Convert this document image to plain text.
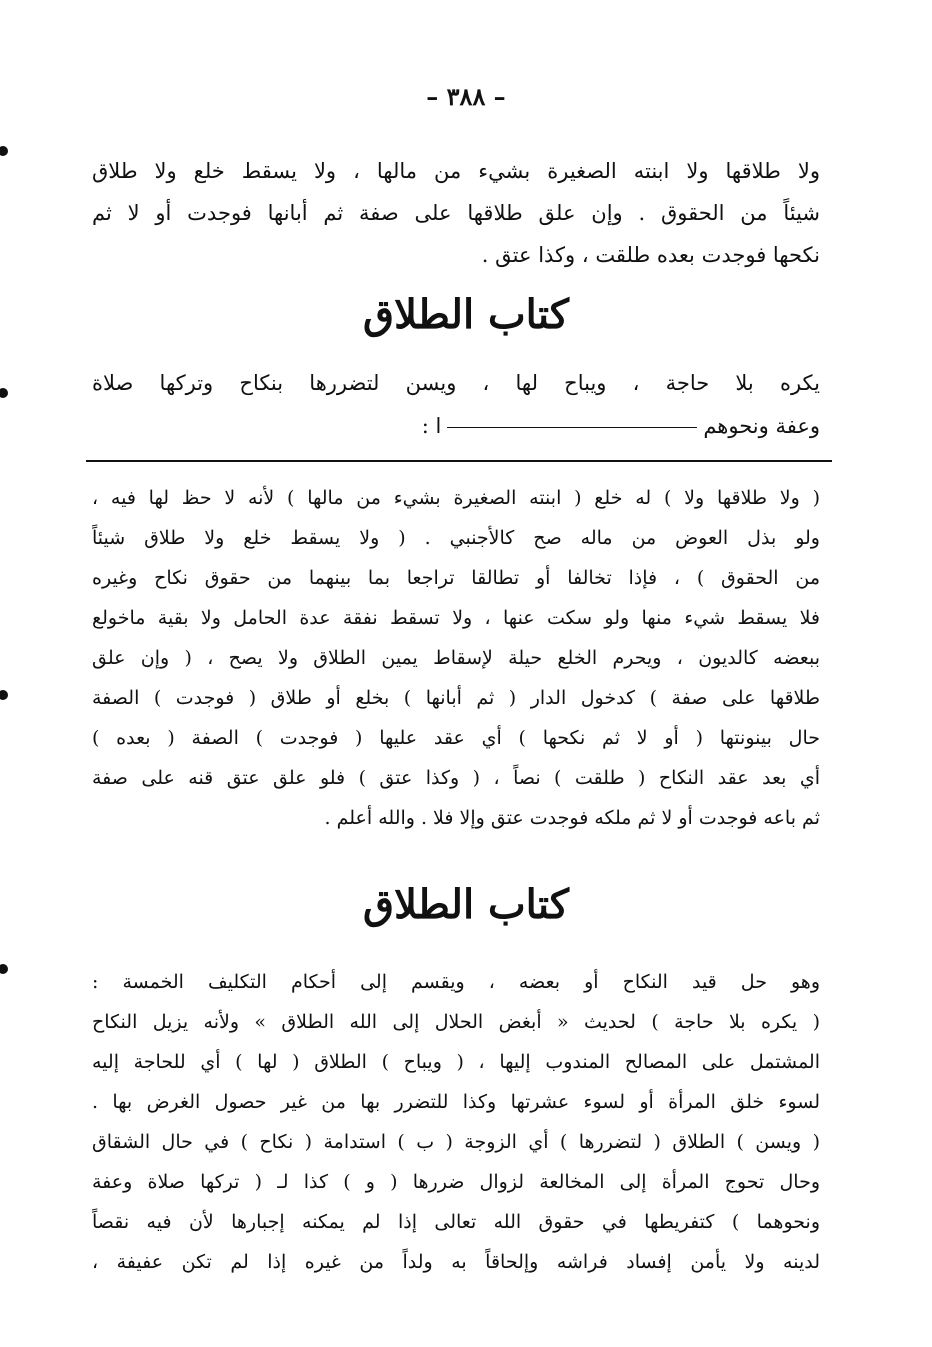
– ٣٨٨ –
ولا طلاقها ولا ابنته الصغيرة بشيء من مالها ، ولا يسقط خلع ولا طلاق
شيئاً من الحقوق . وإن علق طلاقها على صفة ثم أبانها فوجدت أو لا ثم
نكحها فوجدت بعده طلقت ، وكذا عتق .
كتاب الطلاق
يكره بلا حاجة ، ويباح لها ، ويسن لتضررها بنكاح وتركها صلاة
وعفة ونحوهما :
( ولا طلاقها ولا ) له خلع ( ابنته الصغيرة بشيء من مالها ) لأنه لا حظ لها فيه ،
ولو بذل العوض من ماله صح كالأجنبي . ( ولا يسقط خلع ولا طلاق شيئاً
من الحقوق ) ، فإذا تخالفا أو تطالقا تراجعا بما بينهما من حقوق نكاح وغيره
فلا يسقط شيء منها ولو سكت عنها ، ولا تسقط نفقة عدة الحامل ولا بقية ماخولع
ببعضه كالديون ، ويحرم الخلع حيلة لإسقاط يمين الطلاق ولا يصح ، ( وإن علق
طلاقها على صفة ) كدخول الدار ( ثم أبانها ) بخلع أو طلاق ( فوجدت ) الصفة
حال بينونتها ( أو لا ثم نكحها ) أي عقد عليها ( فوجدت ) الصفة ( بعده )
أي بعد عقد النكاح ( طلقت ) نصاً ، ( وكذا عتق ) فلو علق عتق قنه على صفة
ثم باعه فوجدت أو لا ثم ملكه فوجدت عتق وإلا فلا . والله أعلم .
كتاب الطلاق
وهو حل قيد النكاح أو بعضه ، ويقسم إلى أحكام التكليف الخمسة :
( يكره بلا حاجة ) لحديث « أبغض الحلال إلى الله الطلاق » ولأنه يزيل النكاح
المشتمل على المصالح المندوب إليها ، ( ويباح ) الطلاق ( لها ) أي للحاجة إليه
لسوء خلق المرأة أو لسوء عشرتها وكذا للتضرر بها من غير حصول الغرض بها .
( ويسن ) الطلاق ( لتضررها ) أي الزوجة ( ب ) استدامة ( نكاح ) في حال الشقاق
وحال تحوج المرأة إلى المخالعة لزوال ضررها ( و ) كذا لـ ( تركها صلاة وعفة
ونحوهما ) كتفريطها في حقوق الله تعالى إذا لم يمكنه إجبارها لأن فيه نقصاً
لدينه ولا يأمن إفساد فراشه وإلحاقاً به ولداً من غيره إذا لم تكن عفيفة ،
